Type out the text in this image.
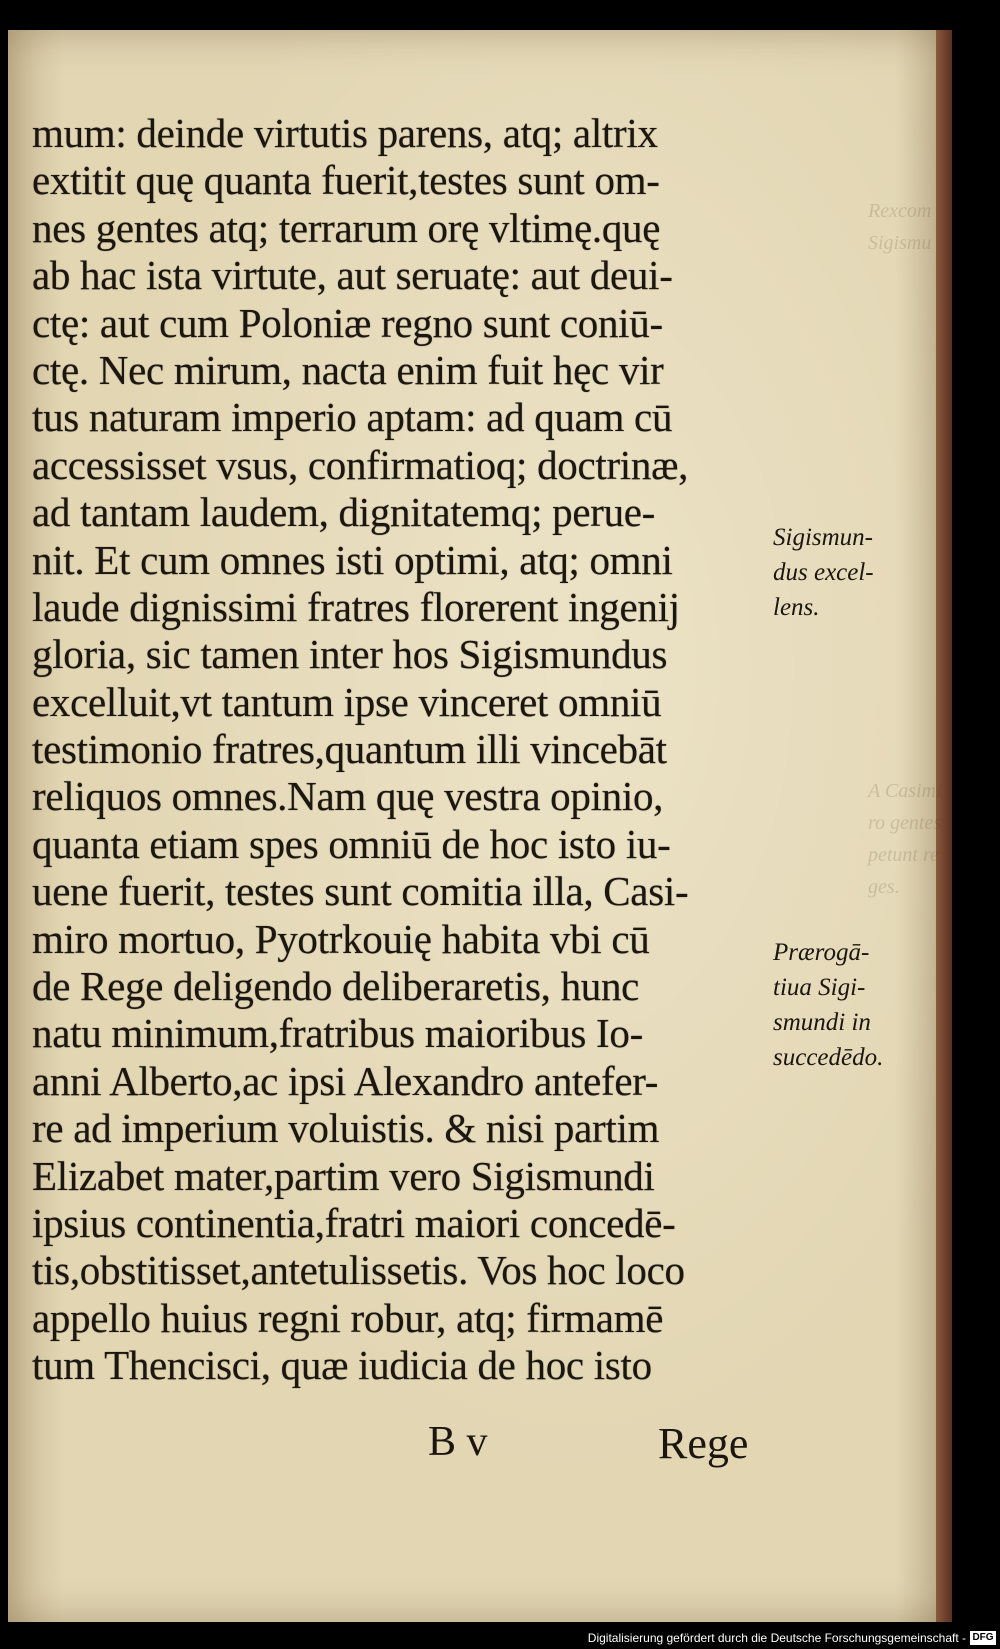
mum: deinde virtutis parens, atq; altrix
extitit quę quanta fuerit,testes sunt om-
nes gentes atq; terrarum orę vltimę.quę
ab hac ista virtute, aut seruatę: aut deui-
ctę: aut cum Poloniæ regno sunt coniū-
ctę. Nec mirum, nacta enim fuit hęc vir
tus naturam imperio aptam: ad quam cū
accessisset vsus, confirmatioq; doctrinæ,
ad tantam laudem, dignitatemq; perue-
nit. Et cum omnes isti optimi, atq; omni
laude dignissimi fratres florerent ingenij
gloria, sic tamen inter hos Sigismundus
excelluit,vt tantum ipse vinceret omniū
testimonio fratres,quantum illi vincebāt
reliquos omnes.Nam quę vestra opinio,
quanta etiam spes omniū de hoc isto iu-
uene fuerit, testes sunt comitia illa, Casi-
miro mortuo, Pyotrkouię habita vbi cū
de Rege deligendo deliberaretis, hunc
natu minimum,fratribus maioribus Io-
anni Alberto,ac ipsi Alexandro antefer-
re ad imperium voluistis. & nisi partim
Elizabet mater,partim vero Sigismundi
ipsius continentia,fratri maiori concedē-
tis,obstitisset,antetulissetis. Vos hoc loco
appello huius regni robur, atq; firmamē
tum Thencisci, quæ iudicia de hoc isto
Sigismun-
dus excel-
lens.
Prærogā-
tiua Sigi-
smundi in
succedēdo.
Rexcom
Sigismu
A Casimi
ro gentes
petunt re
ges.
B v	Rege
Digitalisierung gefördert durch die Deutsche Forschungsgemeinschaft - DFG
